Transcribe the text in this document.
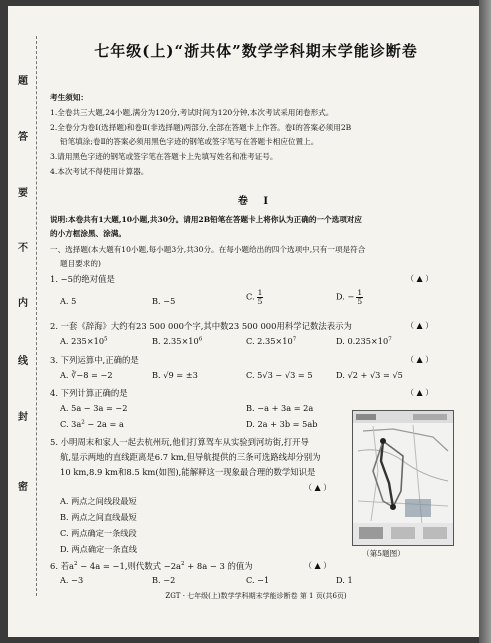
密
封
线
内
不
要
答
题
七年级(上)“浙共体”数学学科期末学能诊断卷
考生须知：
1.全卷共三大题,24小题,满分为120分,考试时间为120分钟,本次考试采用闭卷形式。
2.全卷分为卷Ⅰ(选择题)和卷Ⅱ(非选择题)两部分,全部在答题卡上作答。卷Ⅰ的答案必须用2B
铅笔填涂;卷Ⅱ的答案必须用黑色字迹的钢笔或签字笔写在答题卡相应位置上。
3.请用黑色字迹的钢笔或签字笔在答题卡上先填写姓名和准考证号。
4.本次考试不得使用计算器。
卷 Ⅰ
说明:本卷共有1大题,10小题,共30分。请用2B铅笔在答题卡上将你认为正确的一个选项对应
的小方框涂黑、涂满。
一、选择题(本大题有10小题,每小题3分,共30分。在每小题给出的四个选项中,只有一项是符合
题目要求的)
1. −5的绝对值是	（ ▲ ）
A. 5	B. −5	C. $\frac{1}{5}$	D. − $\frac{1}{5}$
2. 一套《辞海》大约有23 500 000个字,其中数23 500 000用科学记数法表示为	（ ▲ ）
A. $235\times 10^5$	B. $2.35\times 10^6$	C. $2.35\times 10^7$	D. $0.235\times 10^7$
3. 下列运算中,正确的是	（ ▲ ）
A. ∛−8 = −2	B. √9 = ±3	C. 5√3 − √3 = 5	D. √2 + √3 = √5
4. 下列计算正确的是	（ ▲ ）
A. 5a − 3a = −2	B. −a + 3a = 2a
C. $3a^2 - 2a = a$	D. 2a + 3b = 5ab
5. 小明周末和家人一起去杭州玩,他们打算驾车从实验到河坊街,打开导
航,显示两地的直线距离是6.7 km,但导航提供的三条可选路线却分别为
10 km,8.9 km和8.5 km(如图),能解释这一现象最合理的数学知识是
（ ▲ ）
A. 两点之间线段最短
B. 两点之间直线最短
C. 两点确定一条线段
D. 两点确定一条直线	（第5题图）
6. 若$a^2 - 4a = -1$,则代数式 $-2a^2 + 8a - 3$ 的值为	（ ▲ ）
A. −3	B. −2	C. −1	D. 1
ZGT · 七年级(上)数学学科期末学能诊断卷 第 1 页(共6页)
